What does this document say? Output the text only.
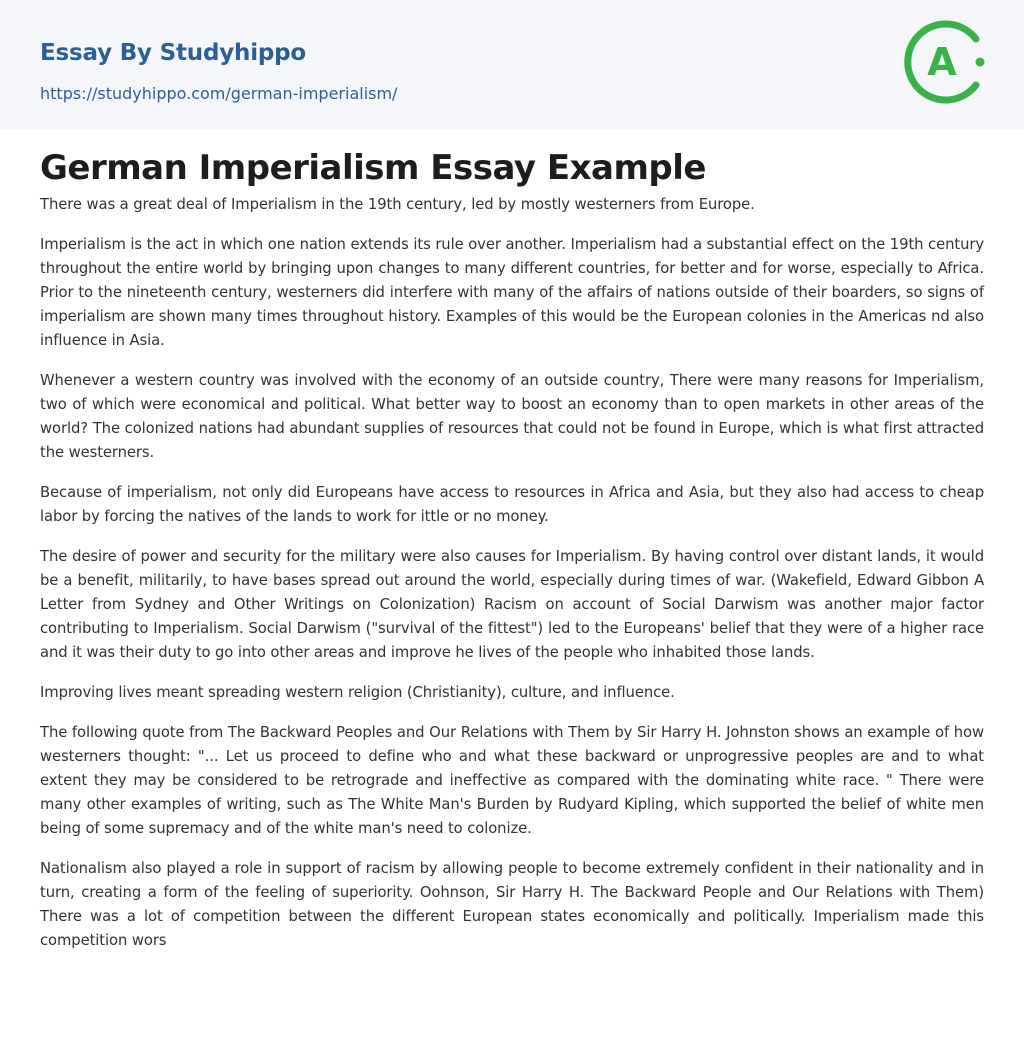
Essay By Studyhippo
https://studyhippo.com/german-imperialism/
A
German Imperialism Essay Example

There was a great deal of Imperialism in the 19th century, led by mostly westerners from Europe.

Imperialism is the act in which one nation extends its rule over another. Imperialism had a substantial effect on the 19th century throughout the entire world by bringing upon changes to many different countries, for better and for worse, especially to Africa. Prior to the nineteenth century, westerners did interfere with many of the affairs of nations outside of their boarders, so signs of imperialism are shown many times throughout history. Examples of this would be the European colonies in the Americas nd also influence in Asia.

Whenever a western country was involved with the economy of an outside country, There were many reasons for Imperialism, two of which were economical and political. What better way to boost an economy than to open markets in other areas of the world? The colonized nations had abundant supplies of resources that could not be found in Europe, which is what first attracted the westerners.

Because of imperialism, not only did Europeans have access to resources in Africa and Asia, but they also had access to cheap labor by forcing the natives of the lands to work for ittle or no money.

The desire of power and security for the military were also causes for Imperialism. By having control over distant lands, it would be a benefit, militarily, to have bases spread out around the world, especially during times of war. (Wakefield, Edward Gibbon A Letter from Sydney and Other Writings on Colonization) Racism on account of Social Darwism was another major factor contributing to Imperialism. Social Darwism ("survival of the fittest") led to the Europeans' belief that they were of a higher race and it was their duty to go into other areas and improve he lives of the people who inhabited those lands.

Improving lives meant spreading western religion (Christianity), culture, and influence.

The following quote from The Backward Peoples and Our Relations with Them by Sir Harry H. Johnston shows an example of how westerners thought: "... Let us proceed to define who and what these backward or unprogressive peoples are and to what extent they may be considered to be retrograde and ineffective as compared with the dominating white race. " There were many other examples of writing, such as The White Man's Burden by Rudyard Kipling, which supported the belief of white men being of some supremacy and of the white man's need to colonize.

Nationalism also played a role in support of racism by allowing people to become extremely confident in their nationality and in turn, creating a form of the feeling of superiority. Oohnson, Sir Harry H. The Backward People and Our Relations with Them) There was a lot of competition between the different European states economically and politically. Imperialism made this competition wors
